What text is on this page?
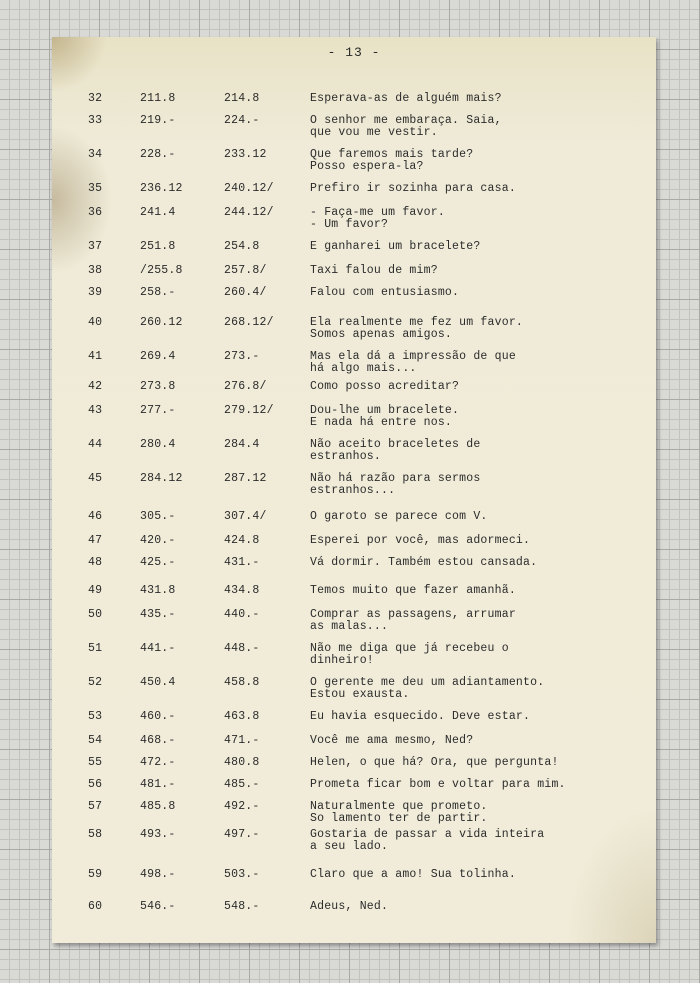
- 13 -
32	211.8	214.8	Esperava-as de alguém mais?
33	219.-	224.-	O senhor me embaraça. Saia,
que vou me vestir.
34	228.-	233.12	Que faremos mais tarde?
Posso espera-la?
35	236.12	240.12/	Prefiro ir sozinha para casa.
36	241.4	244.12/	- Faça-me um favor.
- Um favor?
37	251.8	254.8	E ganharei um bracelete?
38	/255.8	257.8/	Taxi falou de mim?
39	258.-	260.4/	Falou com entusiasmo.
40	260.12	268.12/	Ela realmente me fez um favor.
Somos apenas amigos.
41	269.4	273.-	Mas ela dá a impressão de que
há algo mais...
42	273.8	276.8/	Como posso acreditar?
43	277.-	279.12/	Dou-lhe um bracelete.
E nada há entre nos.
44	280.4	284.4	Não aceito braceletes de
estranhos.
45	284.12	287.12	Não há razão para sermos
estranhos...
46	305.-	307.4/	O garoto se parece com V.
47	420.-	424.8	Esperei por você, mas adormeci.
48	425.-	431.-	Vá dormir. Também estou cansada.
49	431.8	434.8	Temos muito que fazer amanhã.
50	435.-	440.-	Comprar as passagens, arrumar
as malas...
51	441.-	448.-	Não me diga que já recebeu o
dinheiro!
52	450.4	458.8	O gerente me deu um adiantamento.
Estou exausta.
53	460.-	463.8	Eu havia esquecido. Deve estar.
54	468.-	471.-	Você me ama mesmo, Ned?
55	472.-	480.8	Helen, o que há? Ora, que pergunta!
56	481.-	485.-	Prometa ficar bom e voltar para mim.
57	485.8	492.-	Naturalmente que prometo.
So lamento ter de partir.
58	493.-	497.-	Gostaria de passar a vida inteira
a seu lado.
59	498.-	503.-	Claro que a amo! Sua tolinha.
60	546.-	548.-	Adeus, Ned.
